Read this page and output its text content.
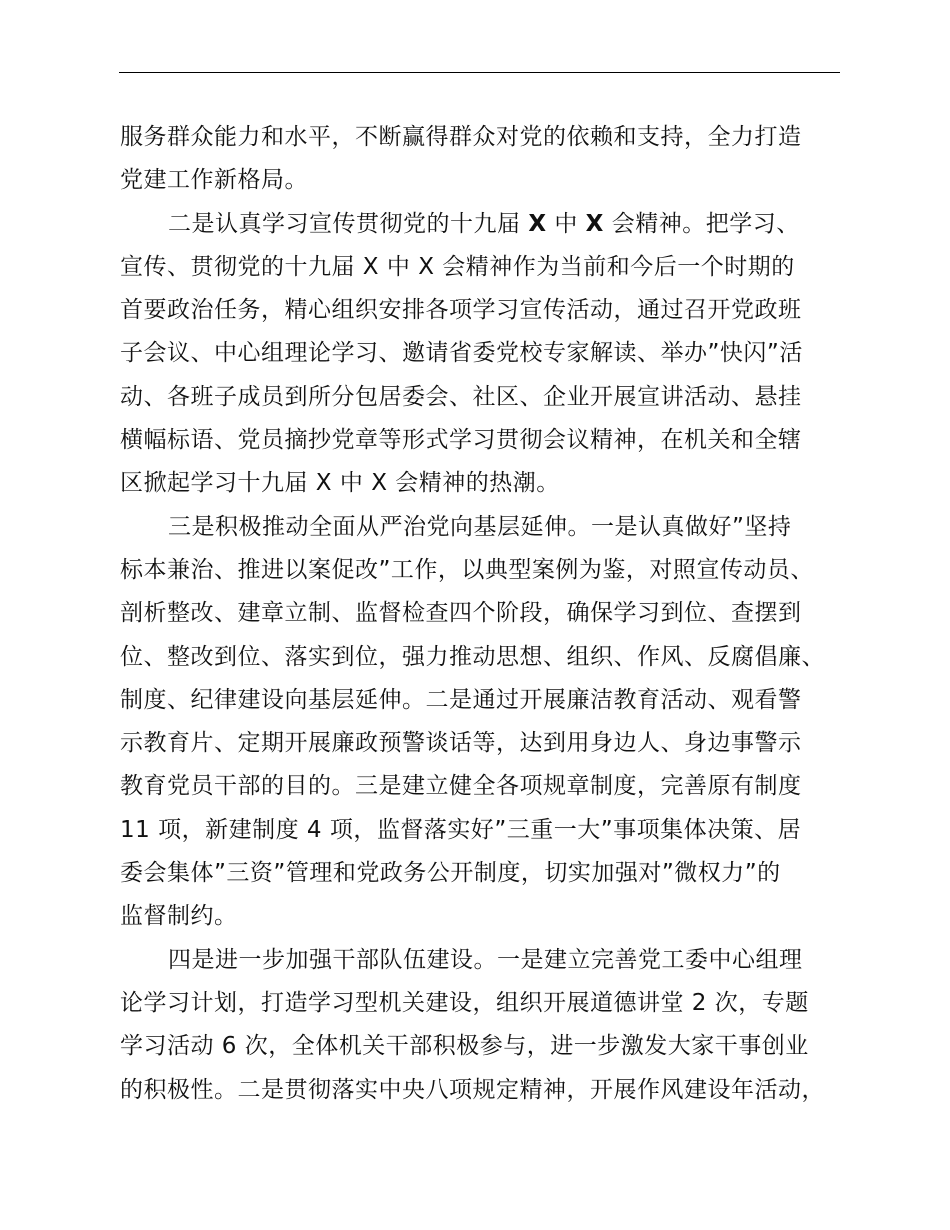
服务群众能力和水平，不断赢得群众对党的依赖和支持，全力打造
党建工作新格局。
二是认真学习宣传贯彻党的十九届 X 中 X 会精神。把学习、
宣传、贯彻党的十九届 X 中 X 会精神作为当前和今后一个时期的
首要政治任务，精心组织安排各项学习宣传活动，通过召开党政班
子会议、中心组理论学习、邀请省委党校专家解读、举办”快闪”活
动、各班子成员到所分包居委会、社区、企业开展宣讲活动、悬挂
横幅标语、党员摘抄党章等形式学习贯彻会议精神，在机关和全辖
区掀起学习十九届 X 中 X 会精神的热潮。
三是积极推动全面从严治党向基层延伸。一是认真做好”坚持
标本兼治、推进以案促改”工作，以典型案例为鉴，对照宣传动员、
剖析整改、建章立制、监督检查四个阶段，确保学习到位、查摆到
位、整改到位、落实到位，强力推动思想、组织、作风、反腐倡廉、
制度、纪律建设向基层延伸。二是通过开展廉洁教育活动、观看警
示教育片、定期开展廉政预警谈话等，达到用身边人、身边事警示
教育党员干部的目的。三是建立健全各项规章制度，完善原有制度
11 项，新建制度 4 项，监督落实好”三重一大”事项集体决策、居
委会集体”三资”管理和党政务公开制度，切实加强对”微权力”的
监督制约。
四是进一步加强干部队伍建设。一是建立完善党工委中心组理
论学习计划，打造学习型机关建设，组织开展道德讲堂 2 次，专题
学习活动 6 次，全体机关干部积极参与，进一步激发大家干事创业
的积极性。二是贯彻落实中央八项规定精神，开展作风建设年活动，
